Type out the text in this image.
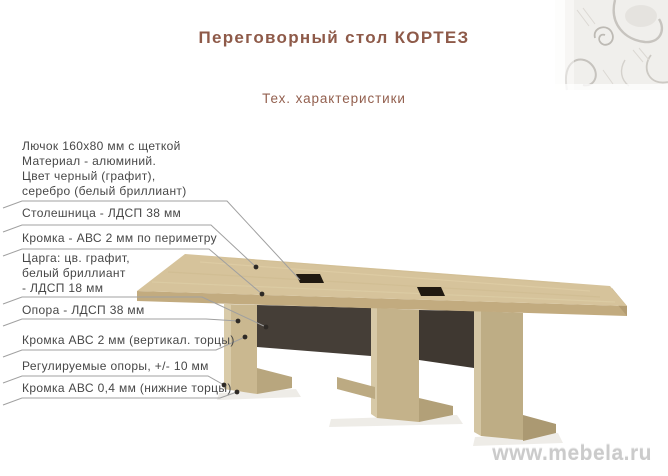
Переговорный стол КОРТЕЗ
Тех. характеристики
Лючок 160х80 мм с щеткой
Материал - алюминий.
Цвет черный (графит),
серебро (белый бриллиант)
Столешница - ЛДСП 38 мм
Кромка - АВС 2 мм по периметру
Царга: цв. графит,
белый бриллиант
- ЛДСП 18 мм
Опора - ЛДСП 38 мм
Кромка АВС 2 мм (вертикал. торцы)
Регулируемые опоры, +/- 10 мм
Кромка АВС 0,4 мм (нижние торцы)
www.mebela.ru
